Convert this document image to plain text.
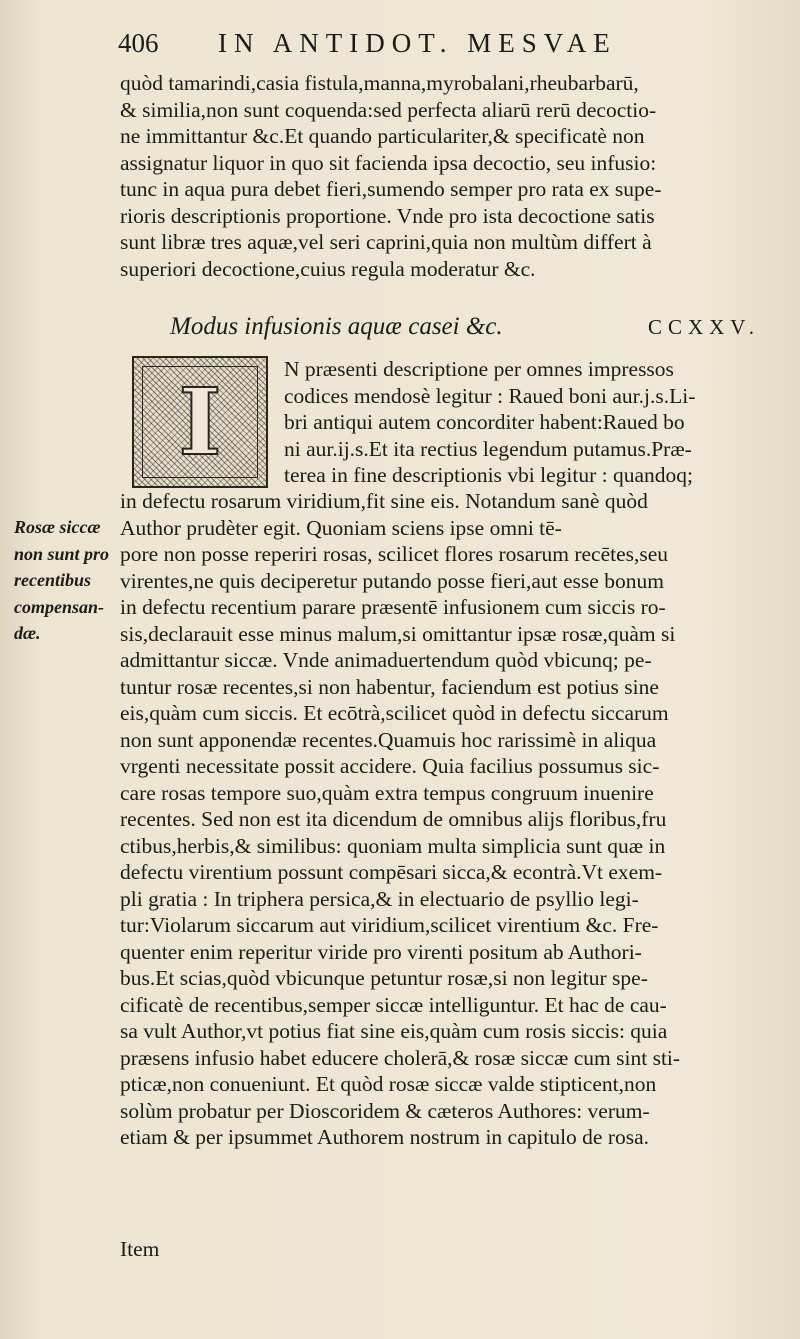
406	IN ANTIDOT. MESVAE
quòd tamarindi,casia fistula,manna,myrobalani,rheubarbarū,
& similia,non sunt coquenda:sed perfecta aliarū rerū decoctio-
ne immittantur &c.Et quando particulariter,& specificatè non
assignatur liquor in quo sit facienda ipsa decoctio, seu infusio:
tunc in aqua pura debet fieri,sumendo semper pro rata ex supe-
rioris descriptionis proportione. Vnde pro ista decoctione satis
sunt libræ tres aquæ,vel seri caprini,quia non multùm differt à
superiori decoctione,cuius regula moderatur &c.
Modus infusionis aquæ casei &c.	CCXXV.
I	N præsenti descriptione per omnes impressos
codices mendosè legitur : Raued boni aur.j.s.Li-
bri antiqui autem concorditer habent:Raued bo
ni aur.ij.s.Et ita rectius legendum putamus.Præ-
terea in fine descriptionis vbi legitur : quandoq;
Rosæ siccæ
non sunt pro
recentibus
compensan-
dæ.
in defectu rosarum viridium,fit sine eis. Notandum sanè quòd
Author prudèter egit. Quoniam sciens ipse omni tē-
pore non posse reperiri rosas, scilicet flores rosarum recētes,seu
virentes,ne quis deciperetur putando posse fieri,aut esse bonum
in defectu recentium parare præsentē infusionem cum siccis ro-
sis,declarauit esse minus malum,si omittantur ipsæ rosæ,quàm si
admittantur siccæ. Vnde animaduertendum quòd vbicunq; pe-
tuntur rosæ recentes,si non habentur, faciendum est potius sine
eis,quàm cum siccis. Et ecōtrà,scilicet quòd in defectu siccarum
non sunt apponendæ recentes.Quamuis hoc rarissimè in aliqua
vrgenti necessitate possit accidere. Quia facilius possumus sic-
care rosas tempore suo,quàm extra tempus congruum inuenire
recentes. Sed non est ita dicendum de omnibus alijs floribus,fru
ctibus,herbis,& similibus: quoniam multa simplicia sunt quæ in
defectu virentium possunt compēsari sicca,& econtrà.Vt exem-
pli gratia : In triphera persica,& in electuario de psyllio legi-
tur:Violarum siccarum aut viridium,scilicet virentium &c. Fre-
quenter enim reperitur viride pro virenti positum ab Authori-
bus.Et scias,quòd vbicunque petuntur rosæ,si non legitur spe-
cificatè de recentibus,semper siccæ intelliguntur. Et hac de cau-
sa vult Author,vt potius fiat sine eis,quàm cum rosis siccis: quia
præsens infusio habet educere cholerā,& rosæ siccæ cum sint sti-
pticæ,non conueniunt. Et quòd rosæ siccæ valde stipticent,non
solùm probatur per Dioscoridem & cæteros Authores: verum-
etiam & per ipsummet Authorem nostrum in capitulo de rosa.
Item
